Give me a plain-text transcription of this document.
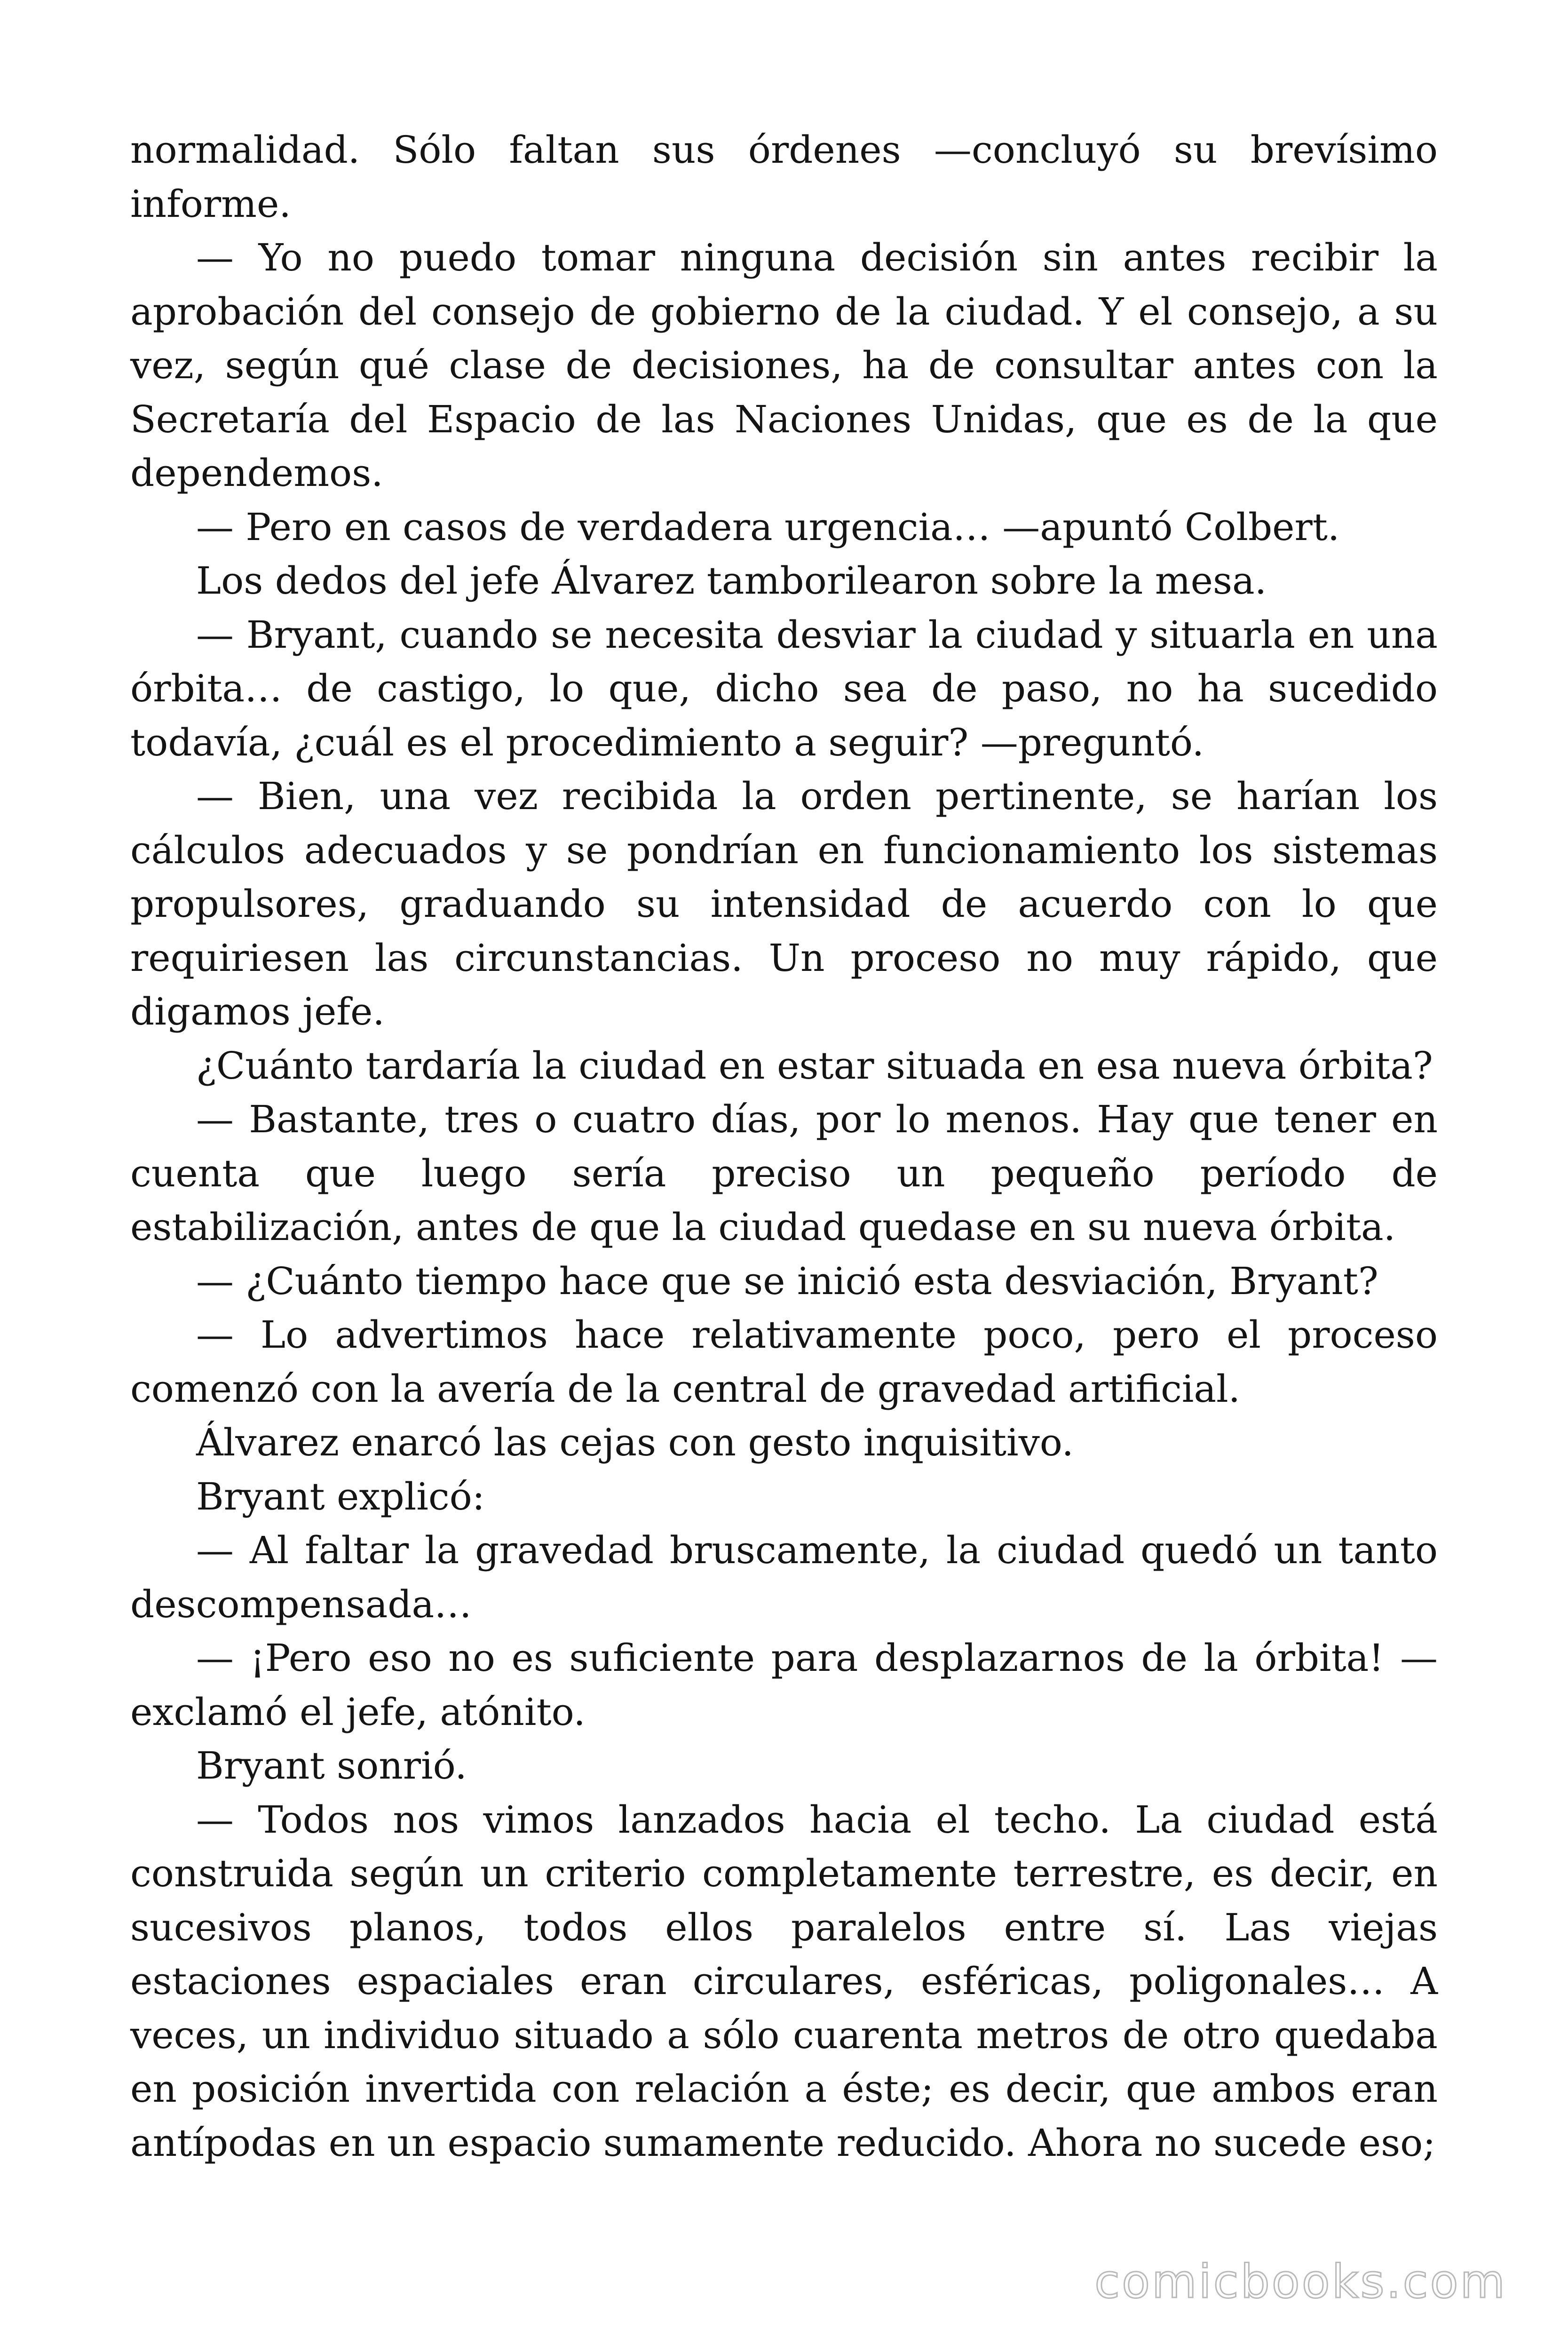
normalidad. Sólo faltan sus órdenes —concluyó su brevísimo informe.

— Yo no puedo tomar ninguna decisión sin antes recibir la aprobación del consejo de gobierno de la ciudad. Y el consejo, a su vez, según qué clase de decisiones, ha de consultar antes con la Secretaría del Espacio de las Naciones Unidas, que es de la que dependemos.

— Pero en casos de verdadera urgencia… —apuntó Colbert.

Los dedos del jefe Álvarez tamborilearon sobre la mesa.

— Bryant, cuando se necesita desviar la ciudad y situarla en una órbita… de castigo, lo que, dicho sea de paso, no ha sucedido todavía, ¿cuál es el procedimiento a seguir? —preguntó.

— Bien, una vez recibida la orden pertinente, se harían los cálculos adecuados y se pondrían en funcionamiento los sistemas propulsores, graduando su intensidad de acuerdo con lo que requiriesen las circunstancias. Un proceso no muy rápido, que digamos jefe.

¿Cuánto tardaría la ciudad en estar situada en esa nueva órbita?

— Bastante, tres o cuatro días, por lo menos. Hay que tener en cuenta que luego sería preciso un pequeño período de estabilización, antes de que la ciudad quedase en su nueva órbita.

— ¿Cuánto tiempo hace que se inició esta desviación, Bryant?

— Lo advertimos hace relativamente poco, pero el proceso comenzó con la avería de la central de gravedad artificial.

Álvarez enarcó las cejas con gesto inquisitivo.

Bryant explicó:

— Al faltar la gravedad bruscamente, la ciudad quedó un tanto descompensada…

— ¡Pero eso no es suficiente para desplazarnos de la órbita! —exclamó el jefe, atónito.

Bryant sonrió.

— Todos nos vimos lanzados hacia el techo. La ciudad está construida según un criterio completamente terrestre, es decir, en sucesivos planos, todos ellos paralelos entre sí. Las viejas estaciones espaciales eran circulares, esféricas, poligonales… A veces, un individuo situado a sólo cuarenta metros de otro quedaba en posición invertida con relación a éste; es decir, que ambos eran antípodas en un espacio sumamente reducido. Ahora no sucede eso;

comicbooks.com
